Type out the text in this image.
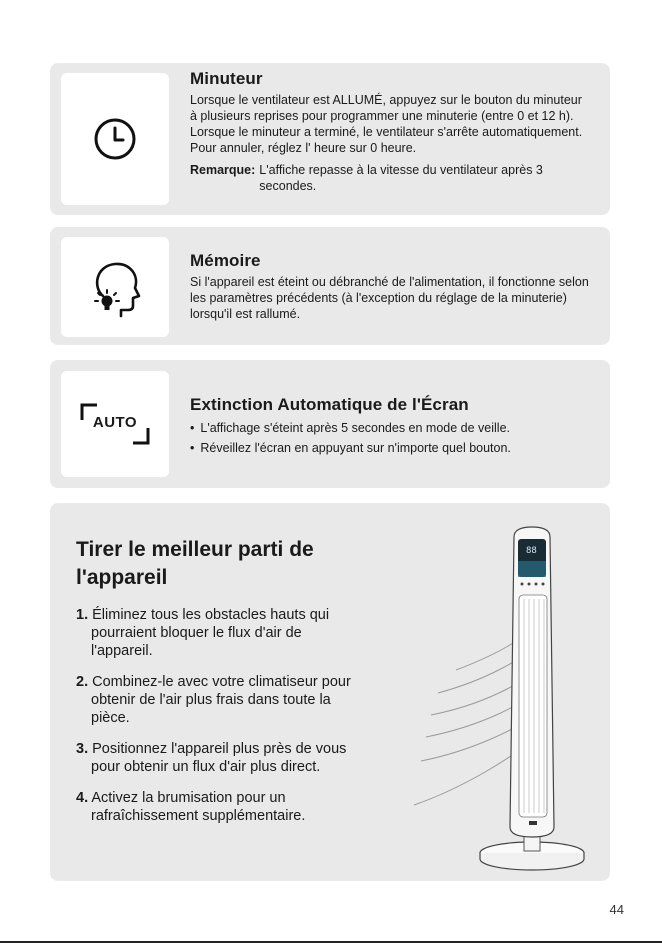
Minuteur

Lorsque le ventilateur est ALLUMÉ, appuyez sur le bouton du minuteur à plusieurs reprises pour programmer une minuterie (entre 0 et 12 h). Lorsque le minuteur a terminé, le ventilateur s'arrête automatiquement. Pour annuler, réglez l' heure sur 0 heure.

Remarque: L'affiche repasse à la vitesse du ventilateur après 3 secondes.

Mémoire

Si l'appareil est éteint ou débranché de l'alimentation, il fonctionne selon les paramètres précédents (à l'exception du réglage de la minuterie) lorsqu'il est rallumé.

AUTO

Extinction Automatique de l'Écran

• L'affichage s'éteint après 5 secondes en mode de veille.
• Réveillez l'écran en appuyant sur n'importe quel bouton.
Tirer le meilleur parti de l'appareil
1. Éliminez tous les obstacles hauts qui pourraient bloquer le flux d'air de l'appareil.
2. Combinez-le avec votre climatiseur pour obtenir de l'air plus frais dans toute la pièce.
3. Positionnez l'appareil plus près de vous pour obtenir un flux d'air plus direct.
4. Activez la brumisation pour un rafraîchissement supplémentaire.
88
44
